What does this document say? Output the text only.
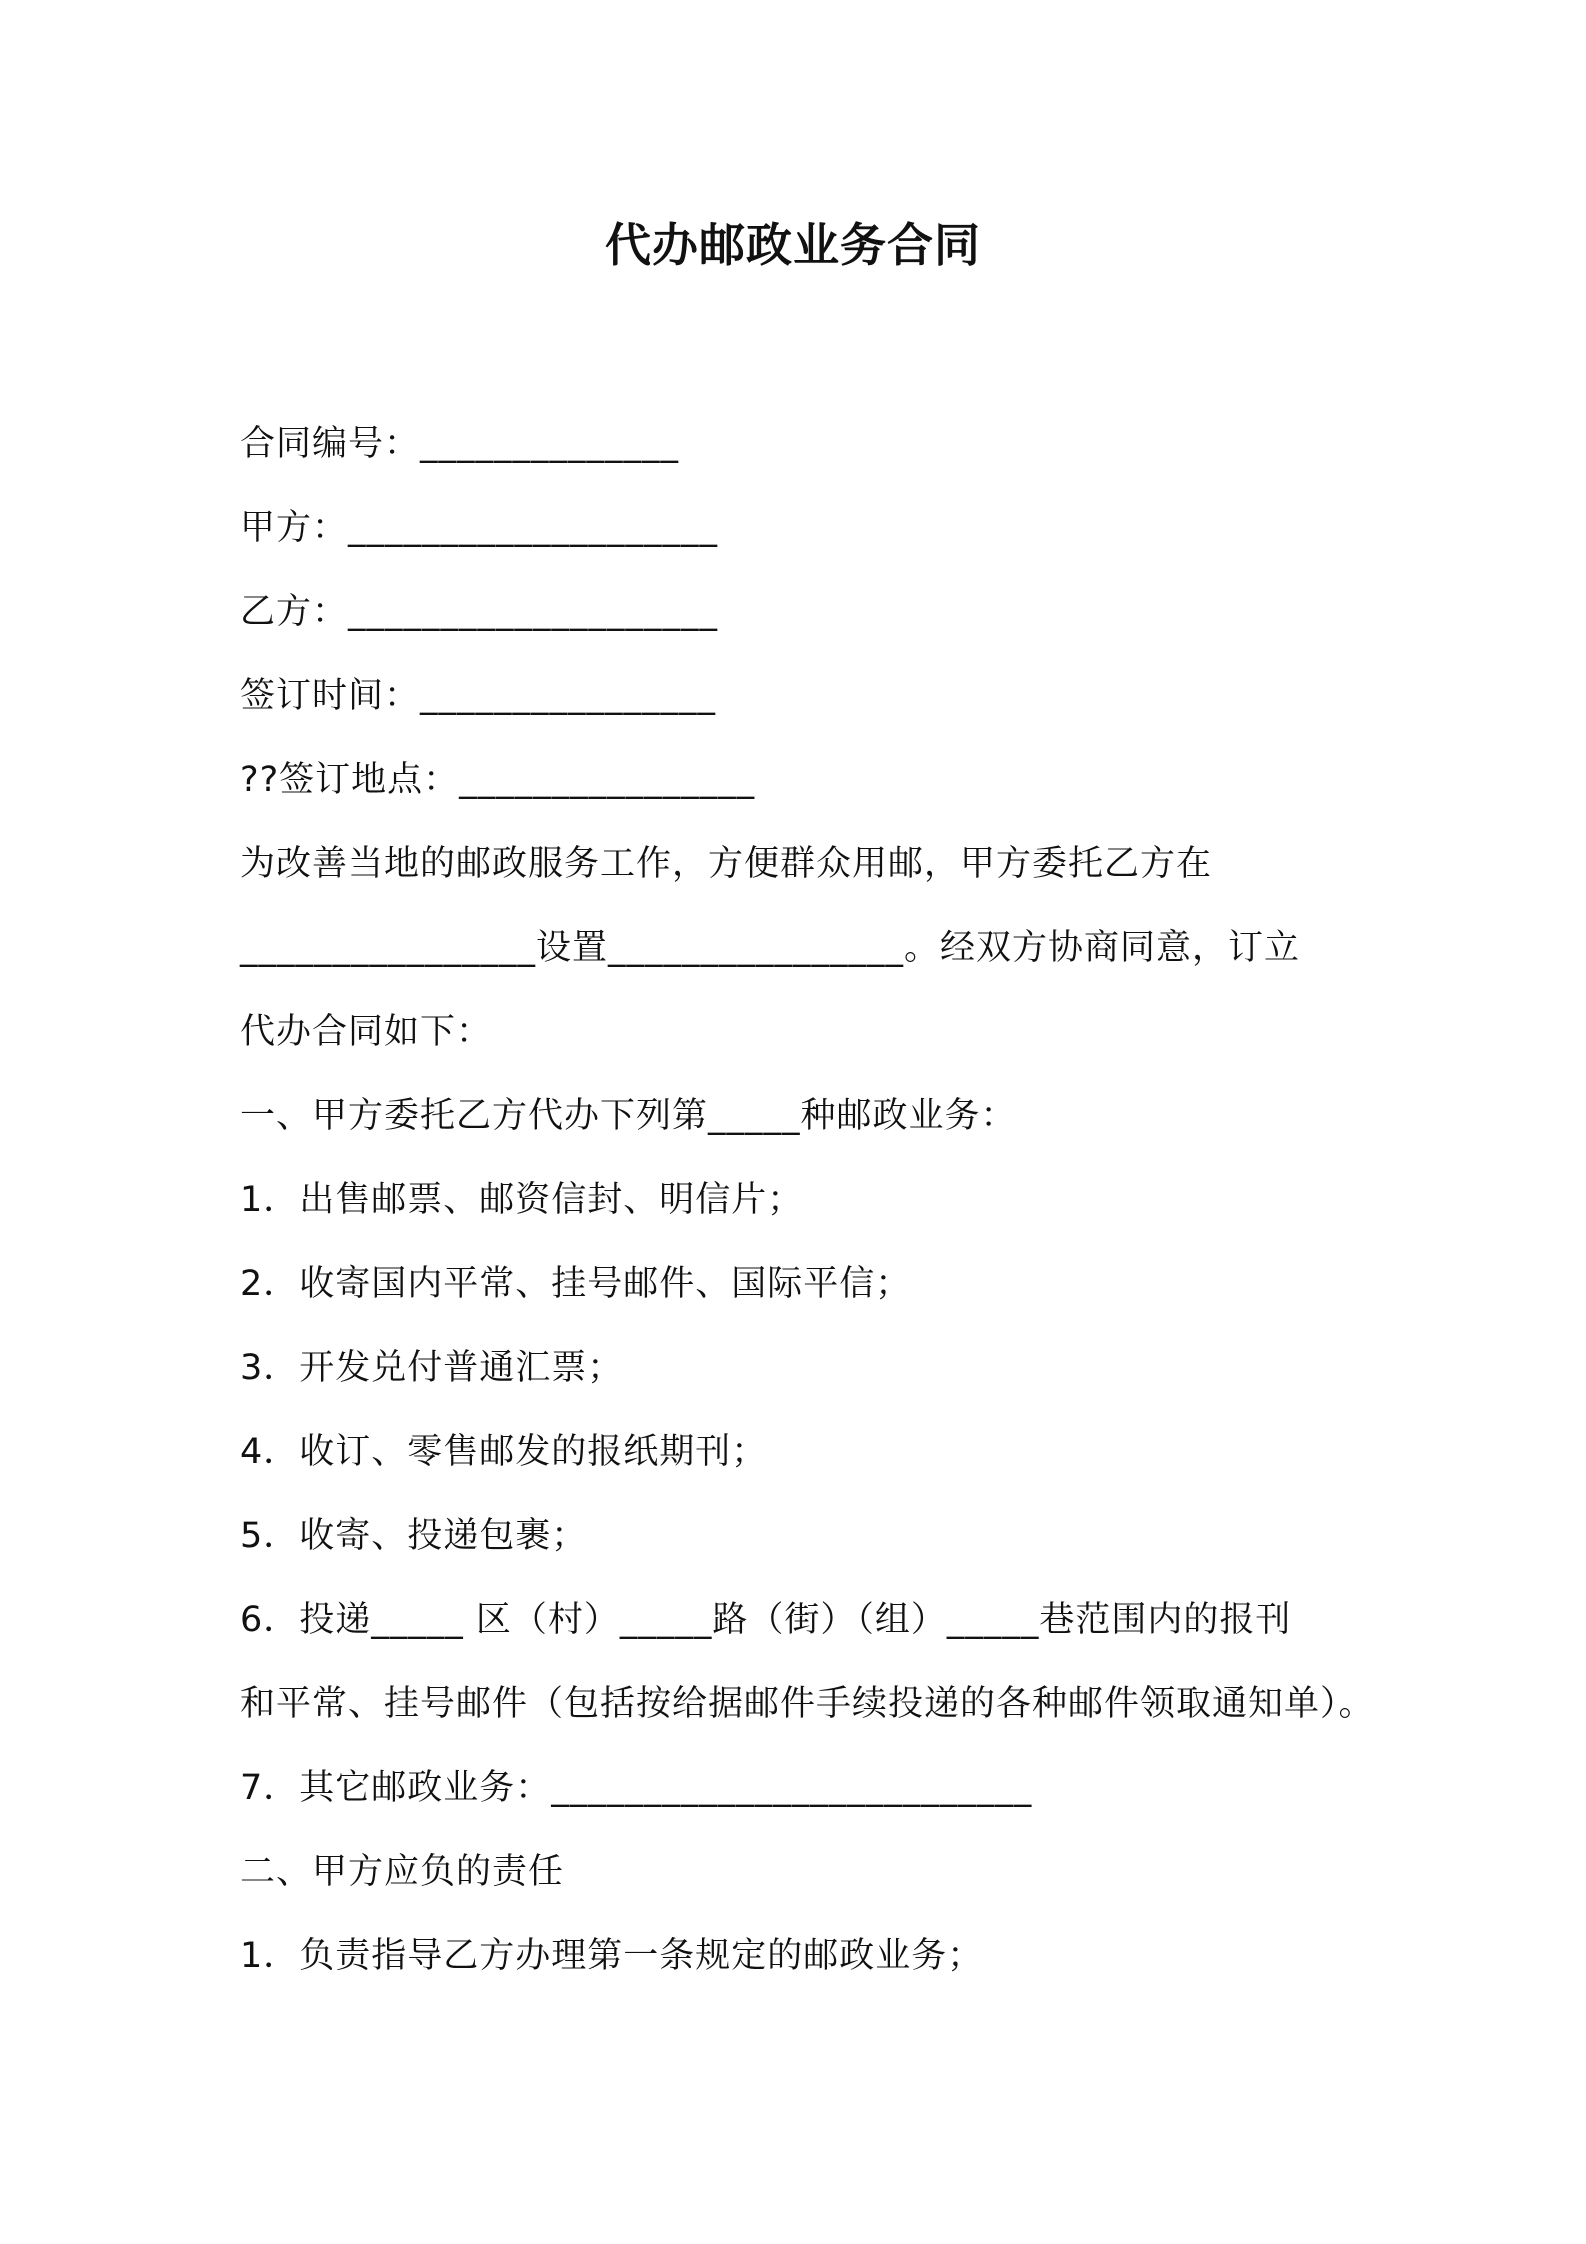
代办邮政业务合同
合同编号：______________
甲方：____________________
乙方：____________________
签订时间：________________
??签订地点：________________
为改善当地的邮政服务工作，方便群众用邮，甲方委托乙方在
________________设置________________。经双方协商同意，订立
代办合同如下：
一、甲方委托乙方代办下列第_____种邮政业务：
1．出售邮票、邮资信封、明信片；
2．收寄国内平常、挂号邮件、国际平信；
3．开发兑付普通汇票；
4．收订、零售邮发的报纸期刊；
5．收寄、投递包裹；
6．投递_____ 区（村）_____路（街）（组）_____巷范围内的报刊
和平常、挂号邮件（包括按给据邮件手续投递的各种邮件领取通知单）。
7．其它邮政业务：__________________________
二、甲方应负的责任
1．负责指导乙方办理第一条规定的邮政业务；
